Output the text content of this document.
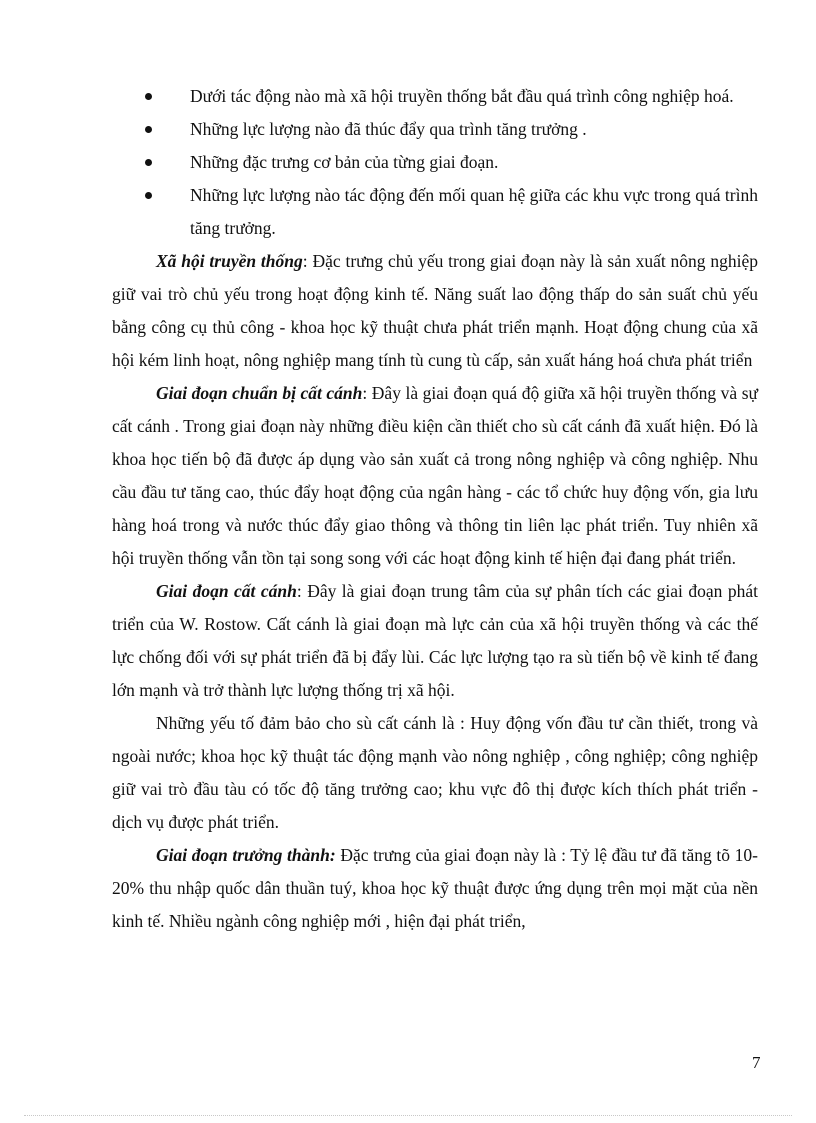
Dưới tác động nào mà xã hội truyền thống bắt đầu quá trình công nghiệp hoá.
Những lực lượng nào đã thúc đẩy qua trình tăng trưởng .
Những đặc trưng cơ bản của từng giai đoạn.
Những lực lượng nào tác động đến mối quan hệ giữa các khu vực trong quá trình tăng trưởng.

Xã hội truyền thống: Đặc trưng chủ yếu trong giai đoạn này là sản xuất nông nghiệp giữ vai trò chủ yếu trong hoạt động kinh tế. Năng suất lao động thấp do sản suất chủ yếu bằng công cụ thủ công - khoa học kỹ thuật chưa phát triển mạnh. Hoạt động chung của xã hội kém linh hoạt, nông nghiệp mang tính tù cung tù cấp, sản xuất háng hoá chưa phát triển

Giai đoạn chuẩn bị cất cánh: Đây là giai đoạn quá độ giữa xã hội truyền thống và sự cất cánh . Trong giai đoạn này những điều kiện cần thiết cho sù cất cánh đã xuất hiện. Đó là khoa học tiến bộ đã được áp dụng vào sản xuất cả trong nông nghiệp và công nghiệp. Nhu cầu đầu tư tăng cao, thúc đẩy hoạt động của ngân hàng - các tổ chức huy động vốn, gia lưu hàng hoá trong và nước thúc đẩy giao thông và thông tin liên lạc phát triển. Tuy nhiên xã hội truyền thống vẫn tồn tại song song với các hoạt động kinh tế hiện đại đang phát triển.

Giai đoạn cất cánh: Đây là giai đoạn trung tâm của sự phân tích các giai đoạn phát triển của W. Rostow. Cất cánh là giai đoạn mà lực cản của xã hội truyền thống và các thế lực chống đối với sự phát triển đã bị đẩy lùi. Các lực lượng tạo ra sù tiến bộ về kinh tế đang lớn mạnh và trở thành lực lượng thống trị xã hội.

Những yếu tố đảm bảo cho sù cất cánh là : Huy động vốn đầu tư cần thiết, trong và ngoài nước; khoa học kỹ thuật tác động mạnh vào nông nghiệp , công nghiệp; công nghiệp giữ vai trò đầu tàu có tốc độ tăng trưởng cao; khu vực đô thị được kích thích phát triển - dịch vụ được phát triển.

Giai đoạn trưởng thành: Đặc trưng của giai đoạn này là : Tỷ lệ đầu tư đã tăng tõ 10-20% thu nhập quốc dân thuần tuý, khoa học kỹ thuật được ứng dụng trên mọi mặt của nền kinh tế. Nhiều ngành công nghiệp mới , hiện đại phát triển,

7
